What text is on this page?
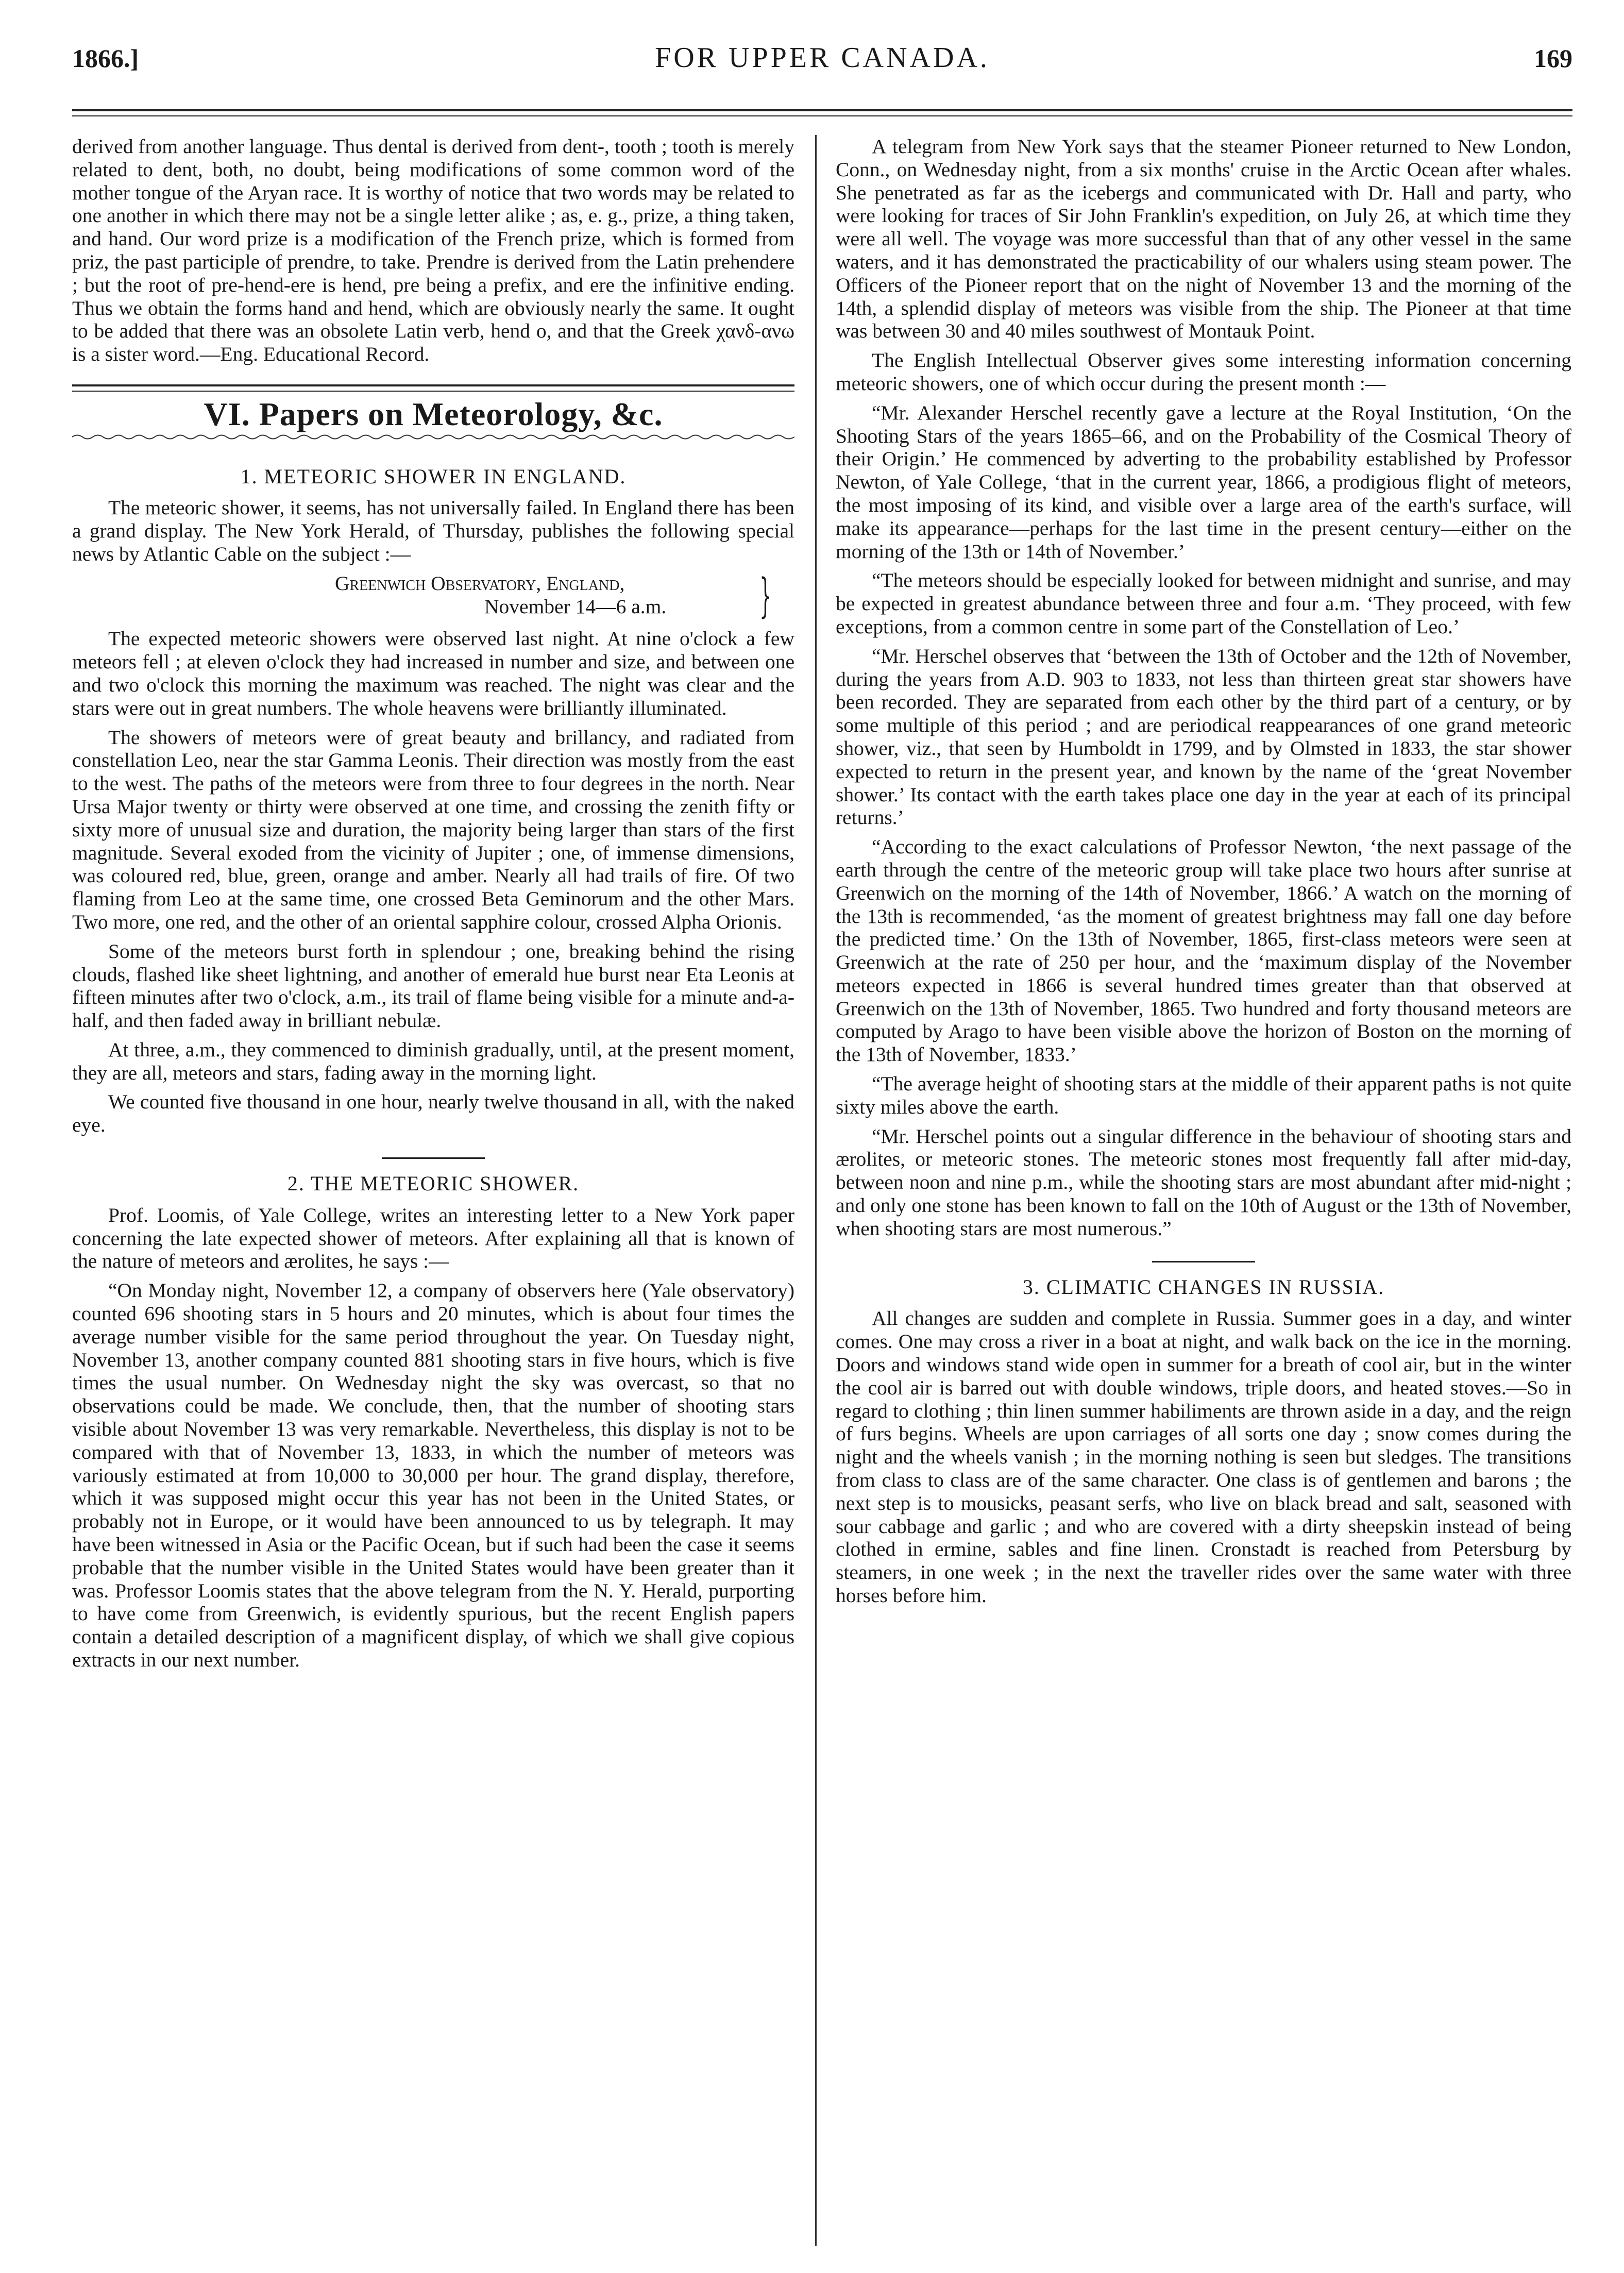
1866.]	FOR UPPER CANADA.	169

derived from another language. Thus dental is derived from dent-, tooth ; tooth is merely related to dent, both, no doubt, being modifications of some common word of the mother tongue of the Aryan race. It is worthy of notice that two words may be related to one another in which there may not be a single letter alike ; as, e. g., prize, a thing taken, and hand. Our word prize is a modification of the French prize, which is formed from priz, the past participle of prendre, to take. Prendre is derived from the Latin prehendere ; but the root of pre-hend-ere is hend, pre being a prefix, and ere the infinitive ending. Thus we obtain the forms hand and hend, which are obviously nearly the same. It ought to be added that there was an obsolete Latin verb, hend o, and that the Greek χανδ-ανω is a sister word.—Eng. Educational Record.

VI. Papers on Meteorology, &c.
1. METEORIC SHOWER IN ENGLAND.

The meteoric shower, it seems, has not universally failed. In England there has been a grand display. The New York Herald, of Thursday, publishes the following special news by Atlantic Cable on the subject :—

Greenwich Observatory, England,
November 14—6 a.m.	}

The expected meteoric showers were observed last night. At nine o'clock a few meteors fell ; at eleven o'clock they had increased in number and size, and between one and two o'clock this morning the maximum was reached. The night was clear and the stars were out in great numbers. The whole heavens were brilliantly illuminated.

The showers of meteors were of great beauty and brillancy, and radiated from constellation Leo, near the star Gamma Leonis. Their direction was mostly from the east to the west. The paths of the meteors were from three to four degrees in the north. Near Ursa Major twenty or thirty were observed at one time, and crossing the zenith fifty or sixty more of unusual size and duration, the majority being larger than stars of the first magnitude. Several exoded from the vicinity of Jupiter ; one, of immense dimensions, was coloured red, blue, green, orange and amber. Nearly all had trails of fire. Of two flaming from Leo at the same time, one crossed Beta Geminorum and the other Mars. Two more, one red, and the other of an oriental sapphire colour, crossed Alpha Orionis.

Some of the meteors burst forth in splendour ; one, breaking behind the rising clouds, flashed like sheet lightning, and another of emerald hue burst near Eta Leonis at fifteen minutes after two o'clock, a.m., its trail of flame being visible for a minute and-a-half, and then faded away in brilliant nebulæ.

At three, a.m., they commenced to diminish gradually, until, at the present moment, they are all, meteors and stars, fading away in the morning light.

We counted five thousand in one hour, nearly twelve thousand in all, with the naked eye.

2. THE METEORIC SHOWER.

Prof. Loomis, of Yale College, writes an interesting letter to a New York paper concerning the late expected shower of meteors. After explaining all that is known of the nature of meteors and ærolites, he says :—

“On Monday night, November 12, a company of observers here (Yale observatory) counted 696 shooting stars in 5 hours and 20 minutes, which is about four times the average number visible for the same period throughout the year. On Tuesday night, November 13, another company counted 881 shooting stars in five hours, which is five times the usual number. On Wednesday night the sky was overcast, so that no observations could be made. We conclude, then, that the number of shooting stars visible about November 13 was very remarkable. Nevertheless, this display is not to be compared with that of November 13, 1833, in which the number of meteors was variously estimated at from 10,000 to 30,000 per hour. The grand display, therefore, which it was supposed might occur this year has not been in the United States, or probably not in Europe, or it would have been announced to us by telegraph. It may have been witnessed in Asia or the Pacific Ocean, but if such had been the case it seems probable that the number visible in the United States would have been greater than it was. Professor Loomis states that the above telegram from the N. Y. Herald, purporting to have come from Greenwich, is evidently spurious, but the recent English papers contain a detailed description of a magnificent display, of which we shall give copious extracts in our next number.

A telegram from New York says that the steamer Pioneer returned to New London, Conn., on Wednesday night, from a six months' cruise in the Arctic Ocean after whales. She penetrated as far as the icebergs and communicated with Dr. Hall and party, who were looking for traces of Sir John Franklin's expedition, on July 26, at which time they were all well. The voyage was more successful than that of any other vessel in the same waters, and it has demonstrated the practicability of our whalers using steam power. The Officers of the Pioneer report that on the night of November 13 and the morning of the 14th, a splendid display of meteors was visible from the ship. The Pioneer at that time was between 30 and 40 miles southwest of Montauk Point.

The English Intellectual Observer gives some interesting information concerning meteoric showers, one of which occur during the present month :—

“Mr. Alexander Herschel recently gave a lecture at the Royal Institution, ‘On the Shooting Stars of the years 1865–66, and on the Probability of the Cosmical Theory of their Origin.’ He commenced by adverting to the probability established by Professor Newton, of Yale College, ‘that in the current year, 1866, a prodigious flight of meteors, the most imposing of its kind, and visible over a large area of the earth's surface, will make its appearance—perhaps for the last time in the present century—either on the morning of the 13th or 14th of November.’

“The meteors should be especially looked for between midnight and sunrise, and may be expected in greatest abundance between three and four a.m. ‘They proceed, with few exceptions, from a common centre in some part of the Constellation of Leo.’

“Mr. Herschel observes that ‘between the 13th of October and the 12th of November, during the years from A.D. 903 to 1833, not less than thirteen great star showers have been recorded. They are separated from each other by the third part of a century, or by some multiple of this period ; and are periodical reappearances of one grand meteoric shower, viz., that seen by Humboldt in 1799, and by Olmsted in 1833, the star shower expected to return in the present year, and known by the name of the ‘great November shower.’ Its contact with the earth takes place one day in the year at each of its principal returns.’

“According to the exact calculations of Professor Newton, ‘the next passage of the earth through the centre of the meteoric group will take place two hours after sunrise at Greenwich on the morning of the 14th of November, 1866.’ A watch on the morning of the 13th is recommended, ‘as the moment of greatest brightness may fall one day before the predicted time.’ On the 13th of November, 1865, first-class meteors were seen at Greenwich at the rate of 250 per hour, and the ‘maximum display of the November meteors expected in 1866 is several hundred times greater than that observed at Greenwich on the 13th of November, 1865. Two hundred and forty thousand meteors are computed by Arago to have been visible above the horizon of Boston on the morning of the 13th of November, 1833.’

“The average height of shooting stars at the middle of their apparent paths is not quite sixty miles above the earth.

“Mr. Herschel points out a singular difference in the behaviour of shooting stars and ærolites, or meteoric stones. The meteoric stones most frequently fall after mid-day, between noon and nine p.m., while the shooting stars are most abundant after mid-night ; and only one stone has been known to fall on the 10th of August or the 13th of November, when shooting stars are most numerous.”

3. CLIMATIC CHANGES IN RUSSIA.

All changes are sudden and complete in Russia. Summer goes in a day, and winter comes. One may cross a river in a boat at night, and walk back on the ice in the morning. Doors and windows stand wide open in summer for a breath of cool air, but in the winter the cool air is barred out with double windows, triple doors, and heated stoves.—So in regard to clothing ; thin linen summer habiliments are thrown aside in a day, and the reign of furs begins. Wheels are upon carriages of all sorts one day ; snow comes during the night and the wheels vanish ; in the morning nothing is seen but sledges. The transitions from class to class are of the same character. One class is of gentlemen and barons ; the next step is to mousicks, peasant serfs, who live on black bread and salt, seasoned with sour cabbage and garlic ; and who are covered with a dirty sheepskin instead of being clothed in ermine, sables and fine linen. Cronstadt is reached from Petersburg by steamers, in one week ; in the next the traveller rides over the same water with three horses before him.
